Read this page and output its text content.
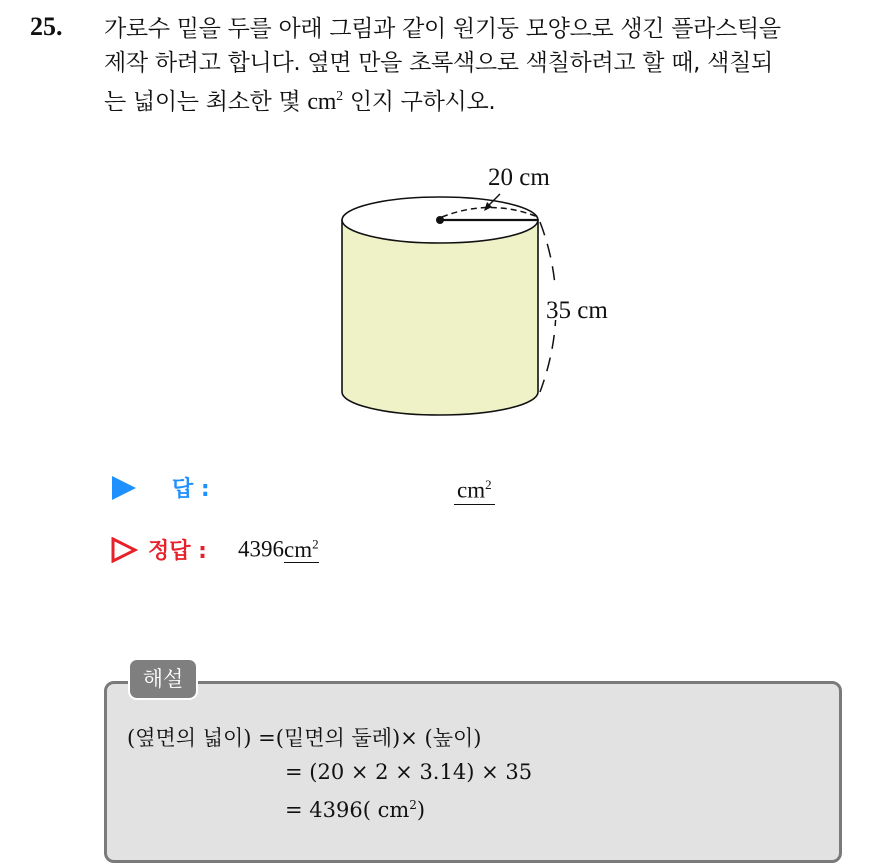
25. 가로수 밑을 두를 아래 그림과 같이 원기둥 모양으로 생긴 플라스틱을
제작 하려고 합니다. 옆면 만을 초록색으로 색칠하려고 할 때, 색칠되
는 넓이는 최소한 몇 $cm^2$ 인지 구하시오.
20 cm
35 cm
답 :	$cm^2$
정답 : $4396cm^2$
(옆면의 넓이) =(밑면의 둘레)× (높이)
= (20 × 2 × 3.14) × 35
= 4396( $cm^2$)
해설
